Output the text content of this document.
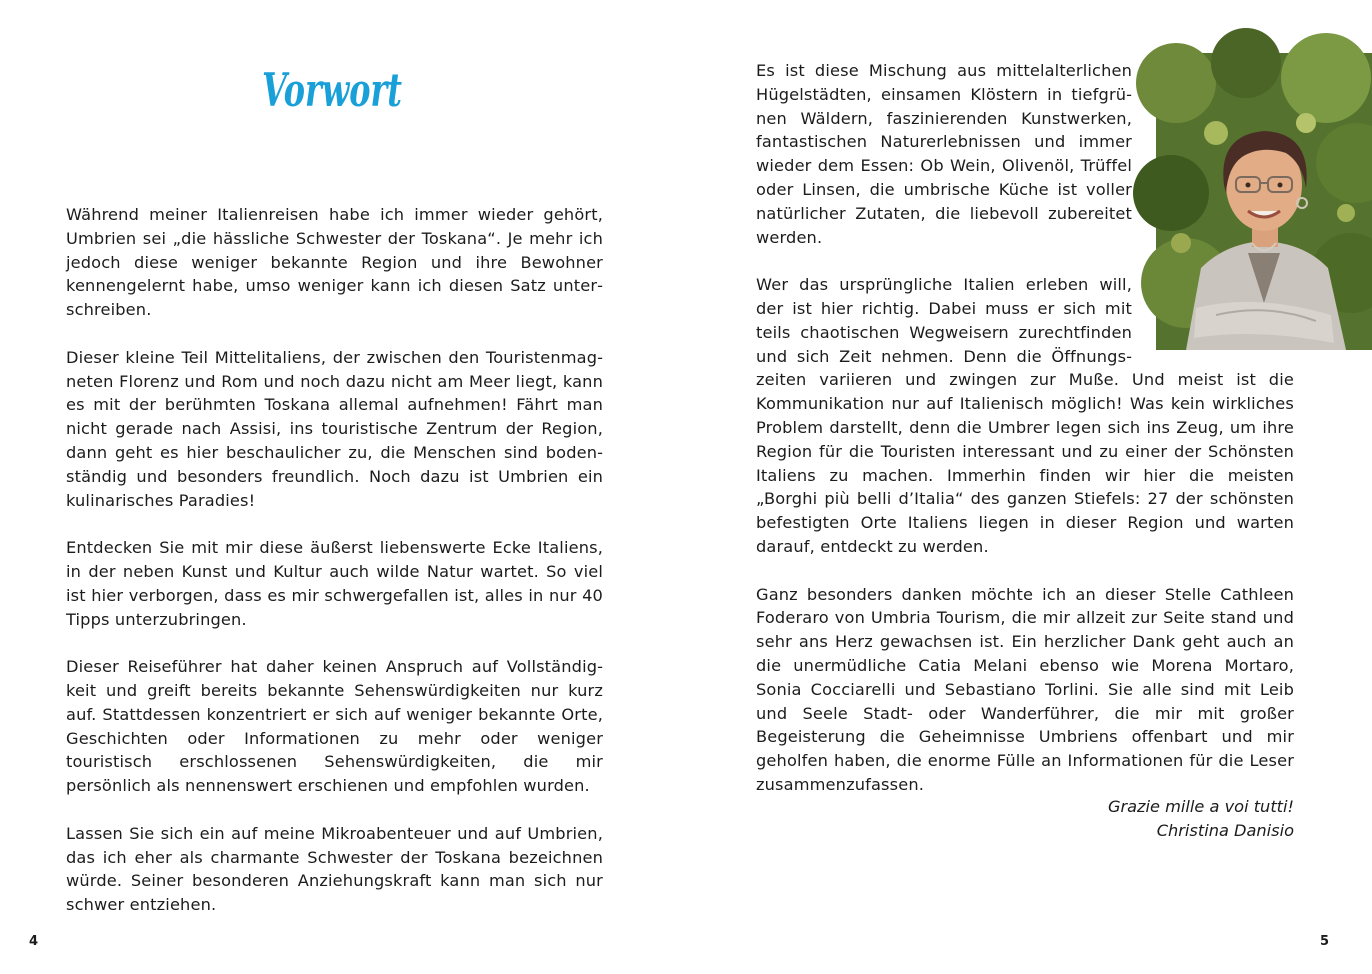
Vorwort

Während meiner Italienreisen habe ich immer wieder gehört, Umbrien sei „die hässliche Schwester der Toskana“. Je mehr ich jedoch diese weniger bekannte Region und ihre Bewohner kennengelernt habe, umso weniger kann ich diesen Satz unterschreiben.

Dieser kleine Teil Mittelitaliens, der zwischen den Touristenmagneten Florenz und Rom und noch dazu nicht am Meer liegt, kann es mit der berühmten Toskana allemal aufnehmen! Fährt man nicht gerade nach Assisi, ins touristische Zentrum der Region, dann geht es hier beschaulicher zu, die Menschen sind bodenständig und besonders freundlich. Noch dazu ist Umbrien ein kulinarisches Paradies!

Entdecken Sie mit mir diese äußerst liebenswerte Ecke Italiens, in der neben Kunst und Kultur auch wilde Natur wartet. So viel ist hier verborgen, dass es mir schwergefallen ist, alles in nur 40 Tipps unterzubringen.

Dieser Reiseführer hat daher keinen Anspruch auf Vollständigkeit und greift bereits bekannte Sehenswürdigkeiten nur kurz auf. Stattdessen konzentriert er sich auf weniger bekannte Orte, Geschichten oder Informationen zu mehr oder weniger touristisch erschlossenen Sehenswürdigkeiten, die mir persönlich als nennenswert erschienen und empfohlen wurden.

Lassen Sie sich ein auf meine Mikroabenteuer und auf Umbrien, das ich eher als charmante Schwester der Toskana bezeichnen würde. Seiner besonderen Anziehungskraft kann man sich nur schwer entziehen.

4

Es ist diese Mischung aus mittelalterlichen Hügelstädten, einsamen Klöstern in tiefgrünen Wäldern, faszinierenden Kunstwerken, fantastischen Naturerlebnissen und immer wieder dem Essen: Ob Wein, Olivenöl, Trüffel oder Linsen, die umbrische Küche ist voller natürlicher Zutaten, die liebevoll zubereitet werden.

Wer das ursprüngliche Italien erleben will, der ist hier richtig. Dabei muss er sich mit teils chaotischen Wegweisern zurechtfinden und sich Zeit nehmen. Denn die Öffnungszeiten variieren und zwingen zur Muße. Und meist ist die Kommunikation nur auf Italienisch möglich! Was kein wirkliches Problem darstellt, denn die Umbrer legen sich ins Zeug, um ihre Region für die Touristen interessant und zu einer der Schönsten Italiens zu machen. Immerhin finden wir hier die meisten „Borghi più belli d’Italia“ des ganzen Stiefels: 27 der schönsten befestigten Orte Italiens liegen in dieser Region und warten darauf, entdeckt zu werden.

Ganz besonders danken möchte ich an dieser Stelle Cathleen Foderaro von Umbria Tourism, die mir allzeit zur Seite stand und sehr ans Herz gewachsen ist. Ein herzlicher Dank geht auch an die unermüdliche Catia Melani ebenso wie Morena Mortaro, Sonia Cocciarelli und Sebastiano Torlini. Sie alle sind mit Leib und Seele Stadt- oder Wanderführer, die mir mit großer Begeisterung die Geheimnisse Umbriens offenbart und mir geholfen haben, die enorme Fülle an Informationen für die Leser zusammenzufassen.

Grazie mille a voi tutti!
Christina Danisio
5
